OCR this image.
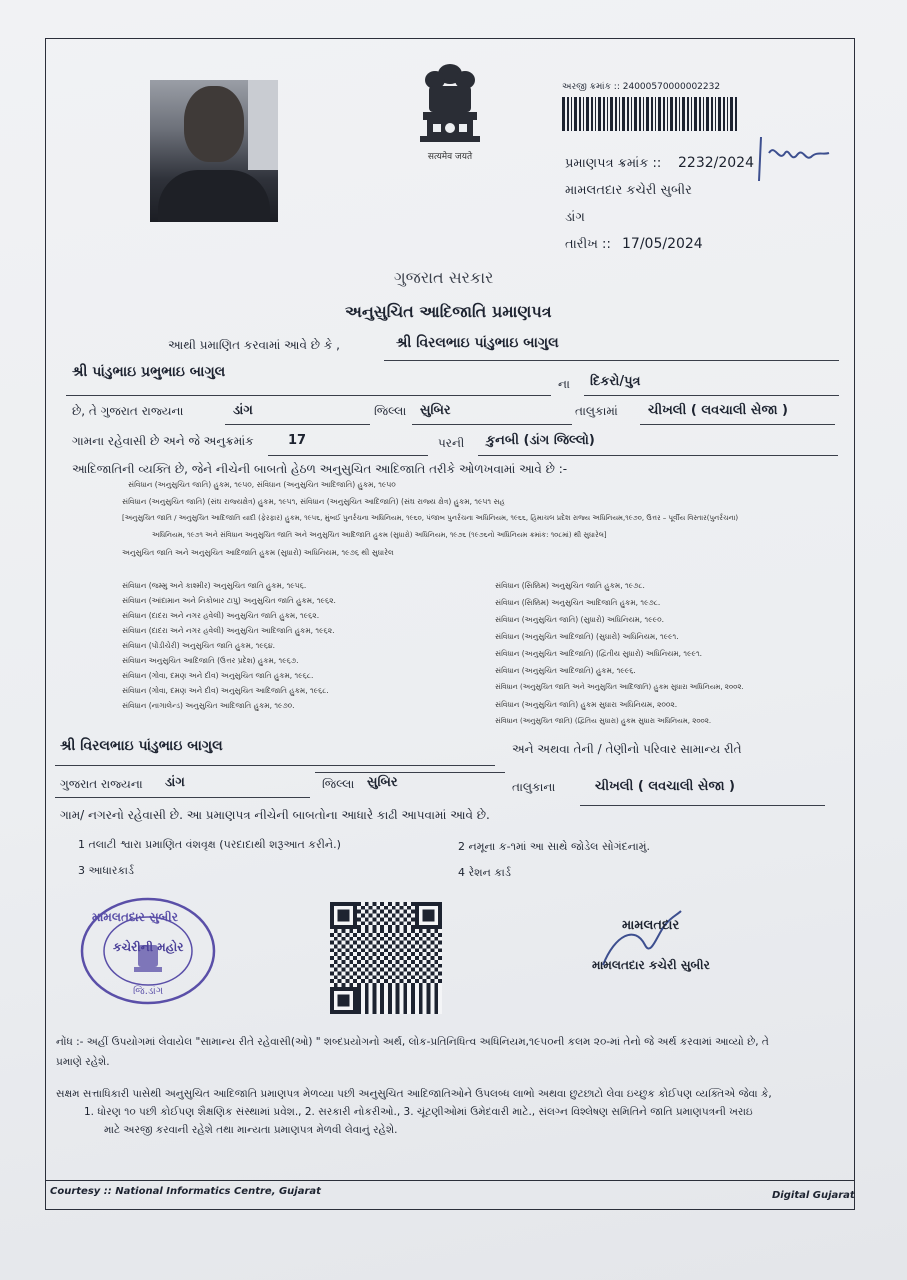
सत्यमेव जयते
અરજી ક્રમાંક :: 24000570000002232
પ્રમાણપત્ર ક્રમાંક :: 2232/2024
મામલતદાર કચેરી સુબીર
ડાંગ
તારીખ :: 17/05/2024
ગુજરાત સરકાર
અનુસુચિત આદિજાતિ પ્રમાણપત્ર
આથી પ્રમાણિત કરવામાં આવે છે કે ,	શ્રી વિરલભાઇ પાંડુભાઇ બાગુલ
શ્રી પાંડુભાઇ પ્રભુભાઇ બાગુલ
ના દિકરો/પુત્ર
છે, તે ગુજરાત રાજ્યના	ડાંગ	જિલ્લા સુબિર	તાલુકામાં ચીખલી ( લવચાલી સેજા )
ગામના રહેવાસી છે અને જે અનુક્રમાંક	17	પરની કુનબી (ડાંગ જિલ્લો)
આદિજાતિની વ્યક્તિ છે, જેને નીચેની બાબતો હેઠળ અનુસુચિત આદિજાતિ તરીકે ઓળખવામાં આવે છે :-
સંવિધાન (અનુસુચિત જાતિ) હુકમ, ૧૯૫૦, સંવિધાન (અનુસુચિત આદિજાતિ) હુકમ, ૧૯૫૦
સંવિધાન (અનુસુચિત જાતિ) (સંઘ રાજ્યક્ષેત્ર) હુકમ, ૧૯૫૧, સંવિધાન (અનુસુચિત આદિજાતિ) (સંઘ રાજ્ય ક્ષેત્ર) હુકમ, ૧૯૫૧ સહ
[અનુસુચિત જાતિ / અનુસુચિત આદિજાતિ યાદી (ફેરફાર) હુકમ, ૧૯૫૬, મુંબઈ પુનર્રચના અધિનિયમ, ૧૯૬૦, પંજાબ પુનર્રચના અધિનિયમ, ૧૯૬૬, હિમાચલ પ્રદેશ રાજ્ય અધિનિયમ,૧૯૭૦, ઉત્તર – પૂર્વીય વિસ્તાર(પુનર્રચના)
અધિનિયમ, ૧૯૭૧ અને સંવિધાન અનુસુચિત જાતિ અને અનુસુચિત આદિજાતિ હુકમ (સુધારો) અધિનિયમ, ૧૯૭૬ (૧૯૭૬નો અધિનિયમ ક્રમાંક: ૧૦૮માં) થી સુધારેલ]
અનુસુચિત જાતિ અને અનુસુચિત આદિજાતિ હુકમ (સુધારો) અધિનિયમ, ૧૯૭૬ થી સુધારેલ
સંવિધાન (જમ્મુ અને કાશ્મીર) અનુસુચિત જાતિ હુકમ, ૧૯૫૬.
સંવિધાન (આંદામાન અને નિકોબાર ટાપુ) અનુસુચિત જાતિ હુકમ, ૧૯૬૨.
સંવિધાન (દાદરા અને નગર હવેલી) અનુસુચિત જાતિ હુકમ, ૧૯૬૨.
સંવિધાન (દાદરા અને નગર હવેલી) અનુસુચિત આદિજાતિ હુકમ, ૧૯૬૨.
સંવિધાન (પોંડીચેરી) અનુસુચિત જાતિ હુકમ, ૧૯૬૪.
સંવિધાન અનુસુચિત આદિજાતિ (ઉત્તર પ્રદેશ) હુકમ, ૧૯૬૭.
સંવિધાન (ગોવા, દમણ અને દીવ) અનુસુચિત જાતિ હુકમ, ૧૯૬૮.
સંવિધાન (ગોવા, દમણ અને દીવ) અનુસુચિત આદિજાતિ હુકમ, ૧૯૬૮.
સંવિધાન (નાગાલેન્ડ) અનુસુચિત આદિજાતિ હુકમ, ૧૯૭૦.
સંવિધાન (સિક્કિમ) અનુસુચિત જાતિ હુકમ, ૧૯૭૮.
સંવિધાન (સિક્કિમ) અનુસુચિત આદિજાતિ હુકમ, ૧૯૭૮.
સંવિધાન (અનુસુચિત જાતિ) (સુધારો) અધિનિયમ, ૧૯૯૦.
સંવિધાન (અનુસુચિત આદિજાતિ) (સુધારો) અધિનિયમ, ૧૯૯૧.
સંવિધાન (અનુસુચિત આદિજાતિ) (દ્વિતીય સુધારો) અધિનિયમ, ૧૯૯૧.
સંવિધાન (અનુસુચિત આદિજાતિ) હુકમ, ૧૯૯૬.
સંવિધાન (અનુસુચિત જાતિ અને અનુસુચિત આદિજાતિ) હુકમ સુધારા અધિનિયમ, ૨૦૦૨.
સંવિધાન (અનુસુચિત જાતિ) હુકમ સુધારા અધિનિયમ, ૨૦૦૨.
સંવિધાન (અનુસુચિત જાતિ) (દ્વિતિય સુધારા) હુકમ સુધારા અધિનિયમ, ૨૦૦૨.
શ્રી વિરલભાઇ પાંડુભાઇ બાગુલ	અને અથવા તેની / તેણીનો પરિવાર સામાન્ય રીતે
ગુજરાત રાજ્યના ડાંગ	જિલ્લા સુબિર	તાલુકાના	ચીખલી ( લવચાલી સેજા )
ગામ/ નગરનો રહેવાસી છે. આ પ્રમાણપત્ર નીચેની બાબતોના આધારે કાઢી આપવામાં આવે છે.
1 તલાટી શ્વારા પ્રમાણિત વંશવૃક્ષ (પરદાદાથી શરૂઆત કરીને.)	2 નમૂના ક-૧માં આ સાથે જોડેલ સોગંદનામું.
3 આધારકાર્ડ	4 રેશન કાર્ડ
મામલતદાર સુબીર
કચેરીની મહોર
જિ.ડાંગ
મામલતદાર
મામલતદાર કચેરી સુબીર
નોંધ :- અહીં ઉપયોગમાં લેવાયેલ "સામાન્ય રીતે રહેવાસી(ઓ) " શબ્દપ્રયોગનો અર્થ, લોક-પ્રતિનિધિત્વ અધિનિયમ,૧૯૫૦ની કલમ ૨૦-માં તેનો જે અર્થ કરવામાં આવ્યો છે, તે
પ્રમાણે રહેશે.
સક્ષમ સત્તાધિકારી પાસેથી અનુસુચિત આદિજાતિ પ્રમાણપત્ર મેળવ્યા પછી અનુસુચિત આદિજાતિઓને ઉપલબ્ધ લાભો અથવા છુટછાટો લેવા ઇચ્છુક કોઈપણ વ્યક્તિએ જેવા કે,
1. ધોરણ ૧૦ પછી કોઈપણ શૈક્ષણિક સંસ્થામાં પ્રવેશ., 2. સરકારી નોકરીઓ., 3. ચૂંટણીઓમાં ઉમેદવારી માટે., સંલગ્ન વિશ્લેષણ સમિતિને જાતિ પ્રમાણપત્રની ખરાઇ
માટે અરજી કરવાની રહેશે તથા માન્યતા પ્રમાણપત્ર મેળવી લેવાનું રહેશે.
Courtesy :: National Informatics Centre, Gujarat	Digital Gujarat
